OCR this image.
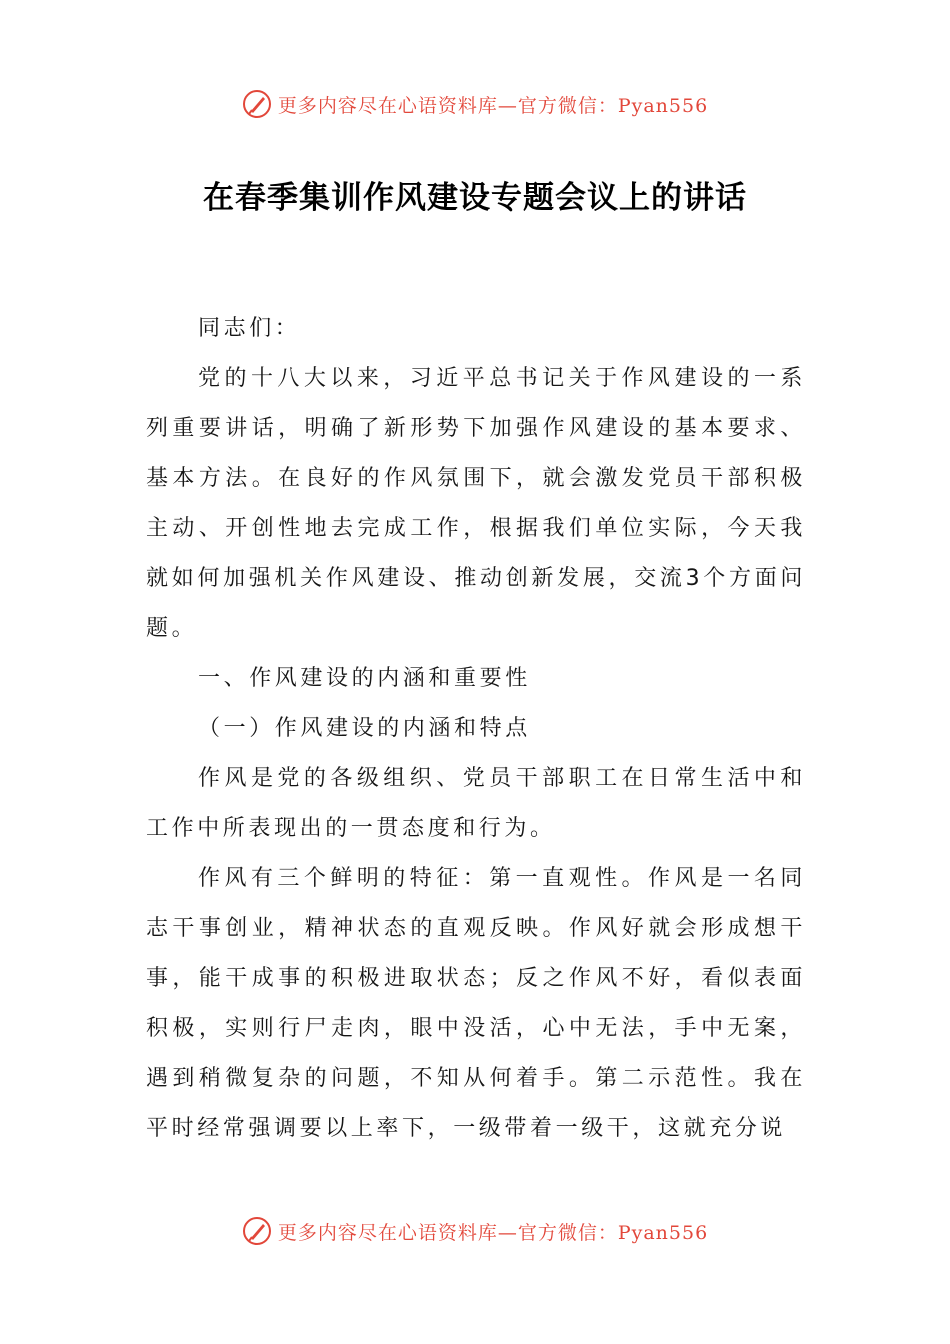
更多内容尽在心语资料库—官方微信：Pyan556
在春季集训作风建设专题会议上的讲话

同志们：

党的十八大以来，习近平总书记关于作风建设的一系列重要讲话，明确了新形势下加强作风建设的基本要求、基本方法。在良好的作风氛围下，就会激发党员干部积极主动、开创性地去完成工作，根据我们单位实际，今天我就如何加强机关作风建设、推动创新发展，交流3个方面问题。

一、作风建设的内涵和重要性

（一）作风建设的内涵和特点

作风是党的各级组织、党员干部职工在日常生活中和工作中所表现出的一贯态度和行为。

作风有三个鲜明的特征：第一直观性。作风是一名同志干事创业，精神状态的直观反映。作风好就会形成想干事，能干成事的积极进取状态；反之作风不好，看似表面积极，实则行尸走肉，眼中没活，心中无法，手中无案，遇到稍微复杂的问题，不知从何着手。第二示范性。我在平时经常强调要以上率下，一级带着一级干，这就充分说

更多内容尽在心语资料库—官方微信：Pyan556
